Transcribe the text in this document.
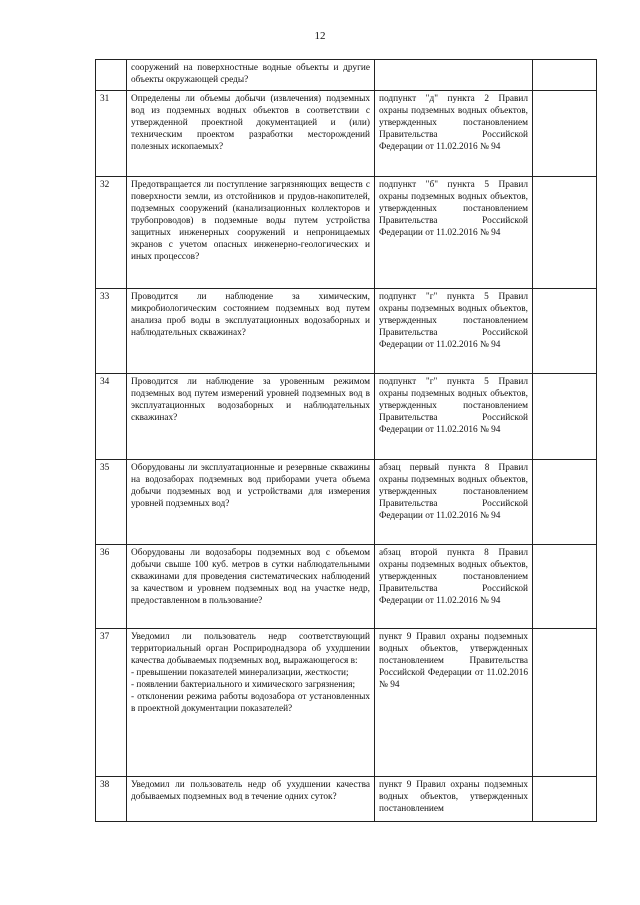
12
	сооружений на поверхностные водные объекты и другие объекты окружающей среды?		
31	Определены ли объемы добычи (извлечения) подземных вод из подземных водных объектов в соответствии с утвержденной проектной документацией и (или) техническим проектом разработки месторождений полезных ископаемых?	подпункт "д" пункта 2 Правил охраны подземных водных объектов, утвержденных постановлением Правительства Российской Федерации от 11.02.2016 № 94	
32	Предотвращается ли поступление загрязняющих веществ с поверхности земли, из отстойников и прудов-накопителей, подземных сооружений (канализационных коллекторов и трубопроводов) в подземные воды путем устройства защитных инженерных сооружений и непроницаемых экранов с учетом опасных инженерно-геологических и иных процессов?	подпункт "б" пункта 5 Правил охраны подземных водных объектов, утвержденных постановлением Правительства Российской Федерации от 11.02.2016 № 94	
33	Проводится ли наблюдение за химическим, микробиологическим состоянием подземных вод путем анализа проб воды в эксплуатационных водозаборных и наблюдательных скважинах?	подпункт "г" пункта 5 Правил охраны подземных водных объектов, утвержденных постановлением Правительства Российской Федерации от 11.02.2016 № 94	
34	Проводится ли наблюдение за уровенным режимом подземных вод путем измерений уровней подземных вод в эксплуатационных водозаборных и наблюдательных скважинах?	подпункт "г" пункта 5 Правил охраны подземных водных объектов, утвержденных постановлением Правительства Российской Федерации от 11.02.2016 № 94	
35	Оборудованы ли эксплуатационные и резервные скважины на водозаборах подземных вод приборами учета объема добычи подземных вод и устройствами для измерения уровней подземных вод?	абзац первый пункта 8 Правил охраны подземных водных объектов, утвержденных постановлением Правительства Российской Федерации от 11.02.2016 № 94	
36	Оборудованы ли водозаборы подземных вод с объемом добычи свыше 100 куб. метров в сутки наблюдательными скважинами для проведения систематических наблюдений за качеством и уровнем подземных вод на участке недр, предоставленном в пользование?	абзац второй пункта 8 Правил охраны подземных водных объектов, утвержденных постановлением Правительства Российской Федерации от 11.02.2016 № 94	
37	Уведомил ли пользователь недр соответствующий территориальный орган Росприроднадзора об ухудшении качества добываемых подземных вод, выражающегося в:
- превышении показателей минерализации, жесткости;
- появлении бактериального и химического загрязнения;
- отклонении режима работы водозабора от установленных в проектной документации показателей?	пункт 9 Правил охраны подземных водных объектов, утвержденных постановлением Правительства Российской Федерации от 11.02.2016 № 94	
38	Уведомил ли пользователь недр об ухудшении качества добываемых подземных вод в течение одних суток?	пункт 9 Правил охраны подземных водных объектов, утвержденных постановлением	
